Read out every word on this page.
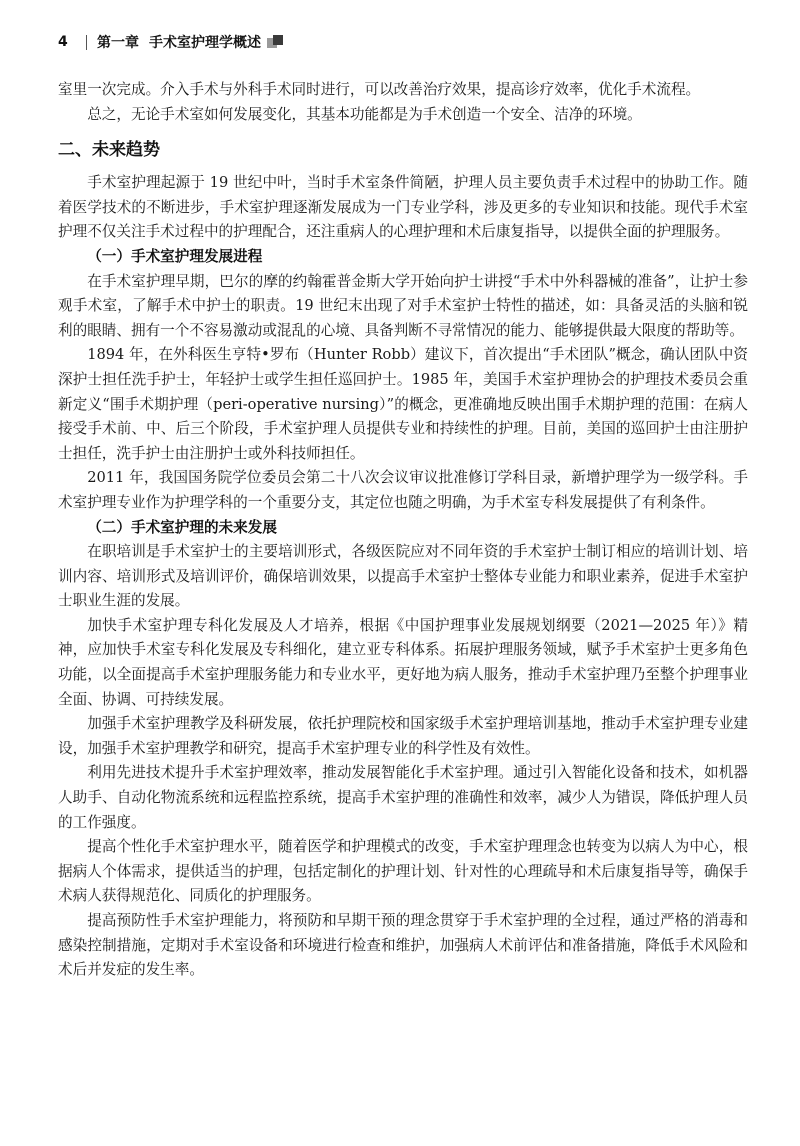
4	第一章 手术室护理学概述

室里一次完成。介入手术与外科手术同时进行，可以改善治疗效果，提高诊疗效率，优化手术流程。

总之，无论手术室如何发展变化，其基本功能都是为手术创造一个安全、洁净的环境。

二、未来趋势

手术室护理起源于 19 世纪中叶，当时手术室条件简陋，护理人员主要负责手术过程中的协助工作。随着医学技术的不断进步，手术室护理逐渐发展成为一门专业学科，涉及更多的专业知识和技能。现代手术室护理不仅关注手术过程中的护理配合，还注重病人的心理护理和术后康复指导，以提供全面的护理服务。

（一）手术室护理发展进程

在手术室护理早期，巴尔的摩的约翰霍普金斯大学开始向护士讲授“手术中外科器械的准备”，让护士参观手术室，了解手术中护士的职责。19 世纪末出现了对手术室护士特性的描述，如：具备灵活的头脑和锐利的眼睛、拥有一个不容易激动或混乱的心境、具备判断不寻常情况的能力、能够提供最大限度的帮助等。

1894 年，在外科医生亨特•罗布（Hunter Robb）建议下，首次提出“手术团队”概念，确认团队中资深护士担任洗手护士，年轻护士或学生担任巡回护士。1985 年，美国手术室护理协会的护理技术委员会重新定义“围手术期护理（peri-operative nursing）”的概念，更准确地反映出围手术期护理的范围：在病人接受手术前、中、后三个阶段，手术室护理人员提供专业和持续性的护理。目前，美国的巡回护士由注册护士担任，洗手护士由注册护士或外科技师担任。

2011 年，我国国务院学位委员会第二十八次会议审议批准修订学科目录，新增护理学为一级学科。手术室护理专业作为护理学科的一个重要分支，其定位也随之明确，为手术室专科发展提供了有利条件。

（二）手术室护理的未来发展

在职培训是手术室护士的主要培训形式，各级医院应对不同年资的手术室护士制订相应的培训计划、培训内容、培训形式及培训评价，确保培训效果，以提高手术室护士整体专业能力和职业素养，促进手术室护士职业生涯的发展。

加快手术室护理专科化发展及人才培养，根据《中国护理事业发展规划纲要（2021—2025 年）》精神，应加快手术室专科化发展及专科细化，建立亚专科体系。拓展护理服务领域，赋予手术室护士更多角色功能，以全面提高手术室护理服务能力和专业水平，更好地为病人服务，推动手术室护理乃至整个护理事业全面、协调、可持续发展。

加强手术室护理教学及科研发展，依托护理院校和国家级手术室护理培训基地，推动手术室护理专业建设，加强手术室护理教学和研究，提高手术室护理专业的科学性及有效性。

利用先进技术提升手术室护理效率，推动发展智能化手术室护理。通过引入智能化设备和技术，如机器人助手、自动化物流系统和远程监控系统，提高手术室护理的准确性和效率，减少人为错误，降低护理人员的工作强度。

提高个性化手术室护理水平，随着医学和护理模式的改变，手术室护理理念也转变为以病人为中心，根据病人个体需求，提供适当的护理，包括定制化的护理计划、针对性的心理疏导和术后康复指导等，确保手术病人获得规范化、同质化的护理服务。

提高预防性手术室护理能力，将预防和早期干预的理念贯穿于手术室护理的全过程，通过严格的消毒和感染控制措施，定期对手术室设备和环境进行检查和维护，加强病人术前评估和准备措施，降低手术风险和术后并发症的发生率。
